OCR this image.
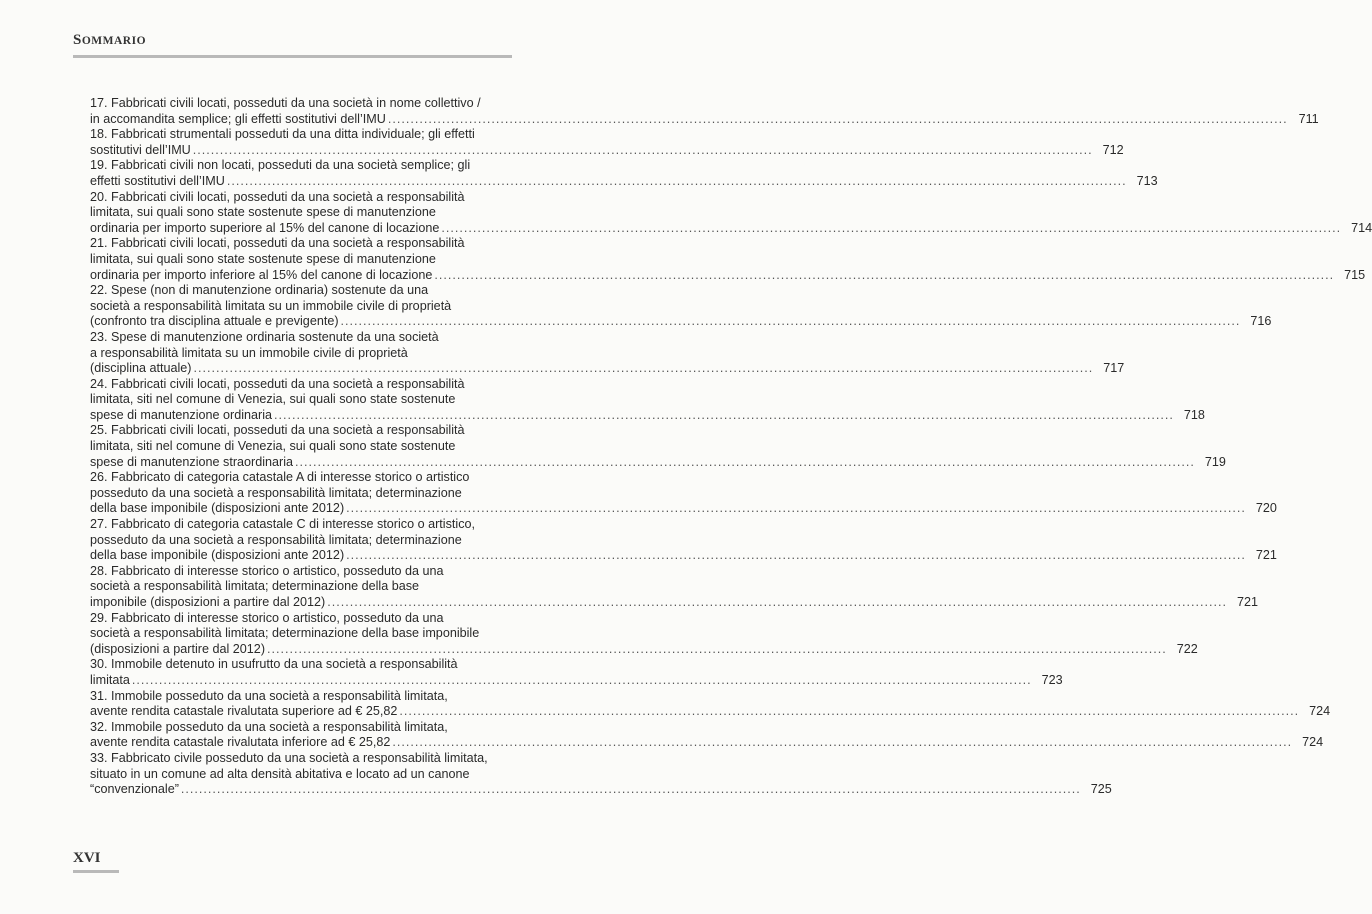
SOMMARIO
17. Fabbricati civili locati, posseduti da una società in nome collettivo /
in accomandita semplice; gli effetti sostitutivi dell’IMU ........................................................................................................................................................................................................ 711
18. Fabbricati strumentali posseduti da una ditta individuale; gli effetti
sostitutivi dell’IMU ........................................................................................................................................................................................................ 712
19. Fabbricati civili non locati, posseduti da una società semplice; gli
effetti sostitutivi dell’IMU ........................................................................................................................................................................................................ 713
20. Fabbricati civili locati, posseduti da una società a responsabilità
limitata, sui quali sono state sostenute spese di manutenzione
ordinaria per importo superiore al 15% del canone di locazione ........................................................................................................................................................................................................ 714
21. Fabbricati civili locati, posseduti da una società a responsabilità
limitata, sui quali sono state sostenute spese di manutenzione
ordinaria per importo inferiore al 15% del canone di locazione ........................................................................................................................................................................................................ 715
22. Spese (non di manutenzione ordinaria) sostenute da una
società a responsabilità limitata su un immobile civile di proprietà
(confronto tra disciplina attuale e previgente) ........................................................................................................................................................................................................ 716
23. Spese di manutenzione ordinaria sostenute da una società
a responsabilità limitata su un immobile civile di proprietà
(disciplina attuale) ........................................................................................................................................................................................................ 717
24. Fabbricati civili locati, posseduti da una società a responsabilità
limitata, siti nel comune di Venezia, sui quali sono state sostenute
spese di manutenzione ordinaria ........................................................................................................................................................................................................ 718
25. Fabbricati civili locati, posseduti da una società a responsabilità
limitata, siti nel comune di Venezia, sui quali sono state sostenute
spese di manutenzione straordinaria ........................................................................................................................................................................................................ 719
26. Fabbricato di categoria catastale A di interesse storico o artistico
posseduto da una società a responsabilità limitata; determinazione
della base imponibile (disposizioni ante 2012) ........................................................................................................................................................................................................ 720
27. Fabbricato di categoria catastale C di interesse storico o artistico,
posseduto da una società a responsabilità limitata; determinazione
della base imponibile (disposizioni ante 2012) ........................................................................................................................................................................................................ 721
28. Fabbricato di interesse storico o artistico, posseduto da una
società a responsabilità limitata; determinazione della base
imponibile (disposizioni a partire dal 2012) ........................................................................................................................................................................................................ 721
29. Fabbricato di interesse storico o artistico, posseduto da una
società a responsabilità limitata; determinazione della base imponibile
(disposizioni a partire dal 2012) ........................................................................................................................................................................................................ 722
30. Immobile detenuto in usufrutto da una società a responsabilità
limitata ........................................................................................................................................................................................................ 723
31. Immobile posseduto da una società a responsabilità limitata,
avente rendita catastale rivalutata superiore ad € 25,82 ........................................................................................................................................................................................................ 724
32. Immobile posseduto da una società a responsabilità limitata,
avente rendita catastale rivalutata inferiore ad € 25,82 ........................................................................................................................................................................................................ 724
33. Fabbricato civile posseduto da una società a responsabilità limitata,
situato in un comune ad alta densità abitativa e locato ad un canone
“convenzionale” ........................................................................................................................................................................................................ 725
XVI
